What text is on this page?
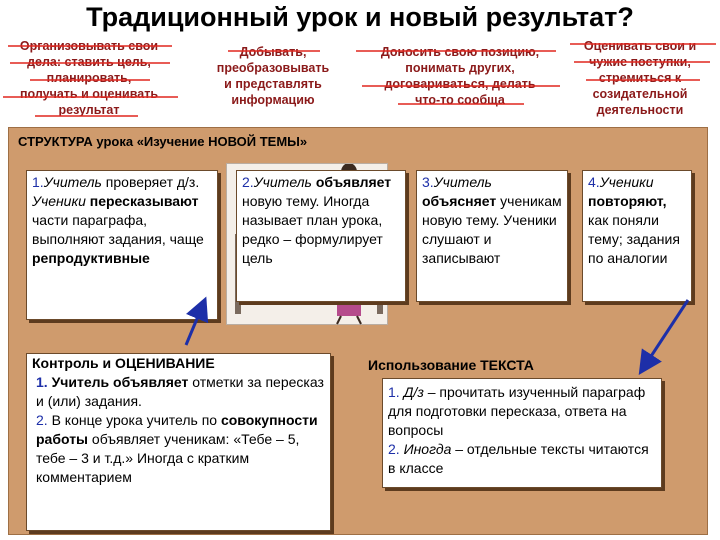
Традиционный урок и новый результат?
Организовывать свои
дела: ставить цель,
планировать,
получать и оценивать
результат
Добывать,
преобразовывать
и представлять
информацию
Доносить свою позицию,
понимать других,
договариваться, делать
что-то сообща
Оценивать свои и
чужие поступки,
стремиться к
созидательной
деятельности
СТРУКТУРА урока «Изучение НОВОЙ ТЕМЫ»
1.Учитель проверяет д/з. Ученики пересказывают части параграфа, выполняют задания, чаще репродуктивные
2.Учитель объявляет новую тему. Иногда называет план урока, редко – формулирует цель
3.Учитель объясняет ученикам новую тему. Ученики слушают и записывают
4.Ученики повторяют, как поняли тему; задания по аналогии
Контроль и ОЦЕНИВАНИЕ
1. Учитель объявляет отметки за пересказ и (или) задания.
2. В конце урока учитель по совокупности работы объявляет ученикам: «Тебе – 5, тебе – 3 и т.д.» Иногда с кратким комментарием
Использование ТЕКСТА
1. Д/з – прочитать изученный параграф для подготовки пересказа, ответа на вопросы
2. Иногда – отдельные тексты читаются в классе
